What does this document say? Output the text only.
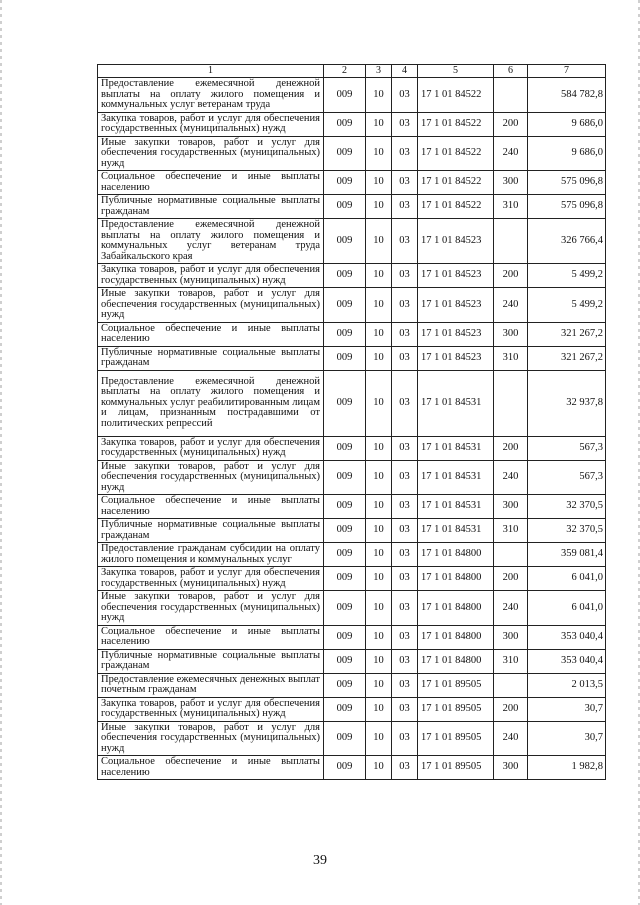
1	2	3	4	5	6	7
Предоставление ежемесячной денежной выплаты на оплату жилого помещения и коммунальных услуг ветеранам труда	009	10	03	17 1 01 84522		584 782,8
Закупка товаров, работ и услуг для обеспечения государственных (муниципальных) нужд	009	10	03	17 1 01 84522	200	9 686,0
Иные закупки товаров, работ и услуг для обеспечения государственных (муниципальных) нужд	009	10	03	17 1 01 84522	240	9 686,0
Социальное обеспечение и иные выплаты населению	009	10	03	17 1 01 84522	300	575 096,8
Публичные нормативные социальные выплаты гражданам	009	10	03	17 1 01 84522	310	575 096,8
Предоставление ежемесячной денежной выплаты на оплату жилого помещения и коммунальных услуг ветеранам труда Забайкальского края	009	10	03	17 1 01 84523		326 766,4
Закупка товаров, работ и услуг для обеспечения государственных (муниципальных) нужд	009	10	03	17 1 01 84523	200	5 499,2
Иные закупки товаров, работ и услуг для обеспечения государственных (муниципальных) нужд	009	10	03	17 1 01 84523	240	5 499,2
Социальное обеспечение и иные выплаты населению	009	10	03	17 1 01 84523	300	321 267,2
Публичные нормативные социальные выплаты гражданам	009	10	03	17 1 01 84523	310	321 267,2
Предоставление ежемесячной денежной выплаты на оплату жилого помещения и коммунальных услуг реабилитированным лицам и лицам, признанным пострадавшими от политических репрессий	009	10	03	17 1 01 84531		32 937,8
Закупка товаров, работ и услуг для обеспечения государственных (муниципальных) нужд	009	10	03	17 1 01 84531	200	567,3
Иные закупки товаров, работ и услуг для обеспечения государственных (муниципальных) нужд	009	10	03	17 1 01 84531	240	567,3
Социальное обеспечение и иные выплаты населению	009	10	03	17 1 01 84531	300	32 370,5
Публичные нормативные социальные выплаты гражданам	009	10	03	17 1 01 84531	310	32 370,5
Предоставление гражданам субсидии на оплату жилого помещения и коммунальных услуг	009	10	03	17 1 01 84800		359 081,4
Закупка товаров, работ и услуг для обеспечения государственных (муниципальных) нужд	009	10	03	17 1 01 84800	200	6 041,0
Иные закупки товаров, работ и услуг для обеспечения государственных (муниципальных) нужд	009	10	03	17 1 01 84800	240	6 041,0
Социальное обеспечение и иные выплаты населению	009	10	03	17 1 01 84800	300	353 040,4
Публичные нормативные социальные выплаты гражданам	009	10	03	17 1 01 84800	310	353 040,4
Предоставление ежемесячных денежных выплат почетным гражданам	009	10	03	17 1 01 89505		2 013,5
Закупка товаров, работ и услуг для обеспечения государственных (муниципальных) нужд	009	10	03	17 1 01 89505	200	30,7
Иные закупки товаров, работ и услуг для обеспечения государственных (муниципальных) нужд	009	10	03	17 1 01 89505	240	30,7
Социальное обеспечение и иные выплаты населению	009	10	03	17 1 01 89505	300	1 982,8
39
